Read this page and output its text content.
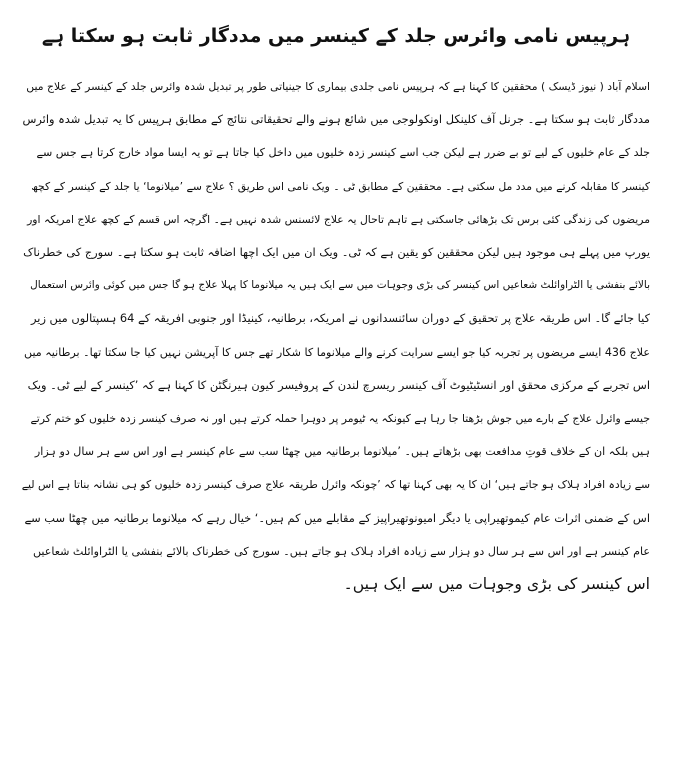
ہرپیس نامی وائرس جلد کے کینسر میں مددگار ثابت ہو سکتا ہے
اسلام آباد ( نیوز ڈیسک ) محققین کا کہنا ہے کہ ہرپیس نامی جلدی بیماری کا جینیاتی طور پر تبدیل شدہ وائرس جلد کے کینسر کے علاج میں
مددگار ثابت ہو سکتا ہے۔ جرنل آف کلینکل اونکولوجی میں شائع ہونے والے تحقیقاتی نتائج کے مطابق ہرپیس کا یہ تبدیل شدہ وائرس
جلد کے عام خلیوں کے لیے تو بے ضرر ہے لیکن جب اسے کینسر زدہ خلیوں میں داخل کیا جاتا ہے تو یہ ایسا مواد خارج کرتا ہے جس سے
کینسر کا مقابلہ کرنے میں مدد مل سکتی ہے۔ محققین کے مطابق ٹی ۔ ویک نامی اس طریق ؟ علاج سے ’میلانوما‘ یا جلد کے کینسر کے کچھ
مریضوں کی زندگی کئی برس تک بڑھائی جاسکتی ہے تاہم تاحال یہ علاج لائسنس شدہ نہیں ہے۔ اگرچہ اس قسم کے کچھ علاج امریکہ اور
یورپ میں پہلے ہی موجود ہیں لیکن محققین کو یقین ہے کہ ٹی۔ ویک ان میں ایک اچھا اضافہ ثابت ہو سکتا ہے۔ سورج کی خطرناک
بالائے بنفشی یا الٹراوائلٹ شعاعیں اس کینسر کی بڑی وجوہات میں سے ایک ہیں یہ میلانوما کا پہلا علاج ہو گا جس میں کوئی وائرس استعمال
کیا جائے گا۔ اس طریقہ علاج پر تحقیق کے دوران سائنسدانوں نے امریکہ، برطانیہ، کینیڈا اور جنوبی افریقہ کے 64 ہسپتالوں میں زیر
علاج 436 ایسے مریضوں پر تجربہ کیا جو ایسے سرایت کرنے والے میلانوما کا شکار تھے جس کا آپریشن نہیں کیا جا سکتا تھا۔ برطانیہ میں
اس تجربے کے مرکزی محقق اور انسٹیٹیوٹ آف کینسر ریسرچ لندن کے پروفیسر کیون ہیرنگٹن کا کہنا ہے کہ ’کینسر کے لیے ٹی۔ ویک
جیسے وائرل علاج کے بارے میں جوش بڑھتا جا رہا ہے کیونکہ یہ ٹیومر پر دوہرا حملہ کرتے ہیں اور نہ صرف کینسر زدہ خلیوں کو ختم کرتے
ہیں بلکہ ان کے خلاف قوتِ مدافعت بھی بڑھاتے ہیں۔ ’میلانوما برطانیہ میں چھٹا سب سے عام کینسر ہے اور اس سے ہر سال دو ہزار
سے زیادہ افراد ہلاک ہو جاتے ہیں‘ ان کا یہ بھی کہنا تھا کہ ’چونکہ وائرل طریقہ علاج صرف کینسر زدہ خلیوں کو ہی نشانہ بناتا ہے اس لیے
اس کے ضمنی اثرات عام کیموتھیراپی یا دیگر امیونوتھیراپیز کے مقابلے میں کم ہیں۔‘ خیال رہے کہ میلانوما برطانیہ میں چھٹا سب سے
عام کینسر ہے اور اس سے ہر سال دو ہزار سے زیادہ افراد ہلاک ہو جاتے ہیں۔ سورج کی خطرناک بالائے بنفشی یا الٹراوائلٹ شعاعیں
اس کینسر کی بڑی وجوہات میں سے ایک ہیں۔
